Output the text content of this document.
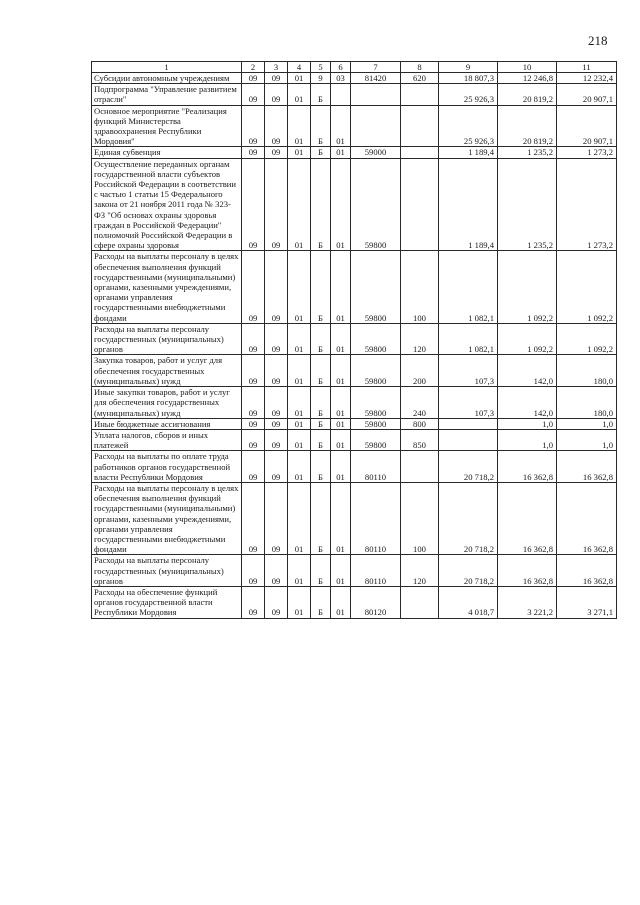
218
1	2	3	4	5	6	7	8	9	10	11
Субсидии автономным учреждениям	09	09	01	9	03	81420	620	18 807,3	12 246,8	12 232,4
Подпрограмма "Управление развитием отрасли"	09	09	01	Б				25 926,3	20 819,2	20 907,1
Основное мероприятие "Реализация функций Министерства здравоохранения Республики Мордовия"	09	09	01	Б	01			25 926,3	20 819,2	20 907,1
Единая субвенция	09	09	01	Б	01	59000		1 189,4	1 235,2	1 273,2
Осуществление переданных органам государственной власти субъектов Российской Федерации в соответствии с частью 1 статьи 15 Федерального закона от 21 ноября 2011 года № 323-ФЗ "Об основах охраны здоровья граждан в Российской Федерации" полномочий Российской Федерации в сфере охраны здоровья	09	09	01	Б	01	59800		1 189,4	1 235,2	1 273,2
Расходы на выплаты персоналу в целях обеспечения выполнения функций государственными (муниципальными) органами, казенными учреждениями, органами управления государственными внебюджетными фондами	09	09	01	Б	01	59800	100	1 082,1	1 092,2	1 092,2
Расходы на выплаты персоналу государственных (муниципальных) органов	09	09	01	Б	01	59800	120	1 082,1	1 092,2	1 092,2
Закупка товаров, работ и услуг для обеспечения государственных (муниципальных) нужд	09	09	01	Б	01	59800	200	107,3	142,0	180,0
Иные закупки товаров, работ и услуг для обеспечения государственных (муниципальных) нужд	09	09	01	Б	01	59800	240	107,3	142,0	180,0
Иные бюджетные ассигнования	09	09	01	Б	01	59800	800		1,0	1,0
Уплата налогов, сборов и иных платежей	09	09	01	Б	01	59800	850		1,0	1,0
Расходы на выплаты по оплате труда работников органов государственной власти Республики Мордовия	09	09	01	Б	01	80110		20 718,2	16 362,8	16 362,8
Расходы на выплаты персоналу в целях обеспечения выполнения функций государственными (муниципальными) органами, казенными учреждениями, органами управления государственными внебюджетными фондами	09	09	01	Б	01	80110	100	20 718,2	16 362,8	16 362,8
Расходы на выплаты персоналу государственных (муниципальных) органов	09	09	01	Б	01	80110	120	20 718,2	16 362,8	16 362,8
Расходы на обеспечение функций органов государственной власти Республики Мордовия	09	09	01	Б	01	80120		4 018,7	3 221,2	3 271,1
